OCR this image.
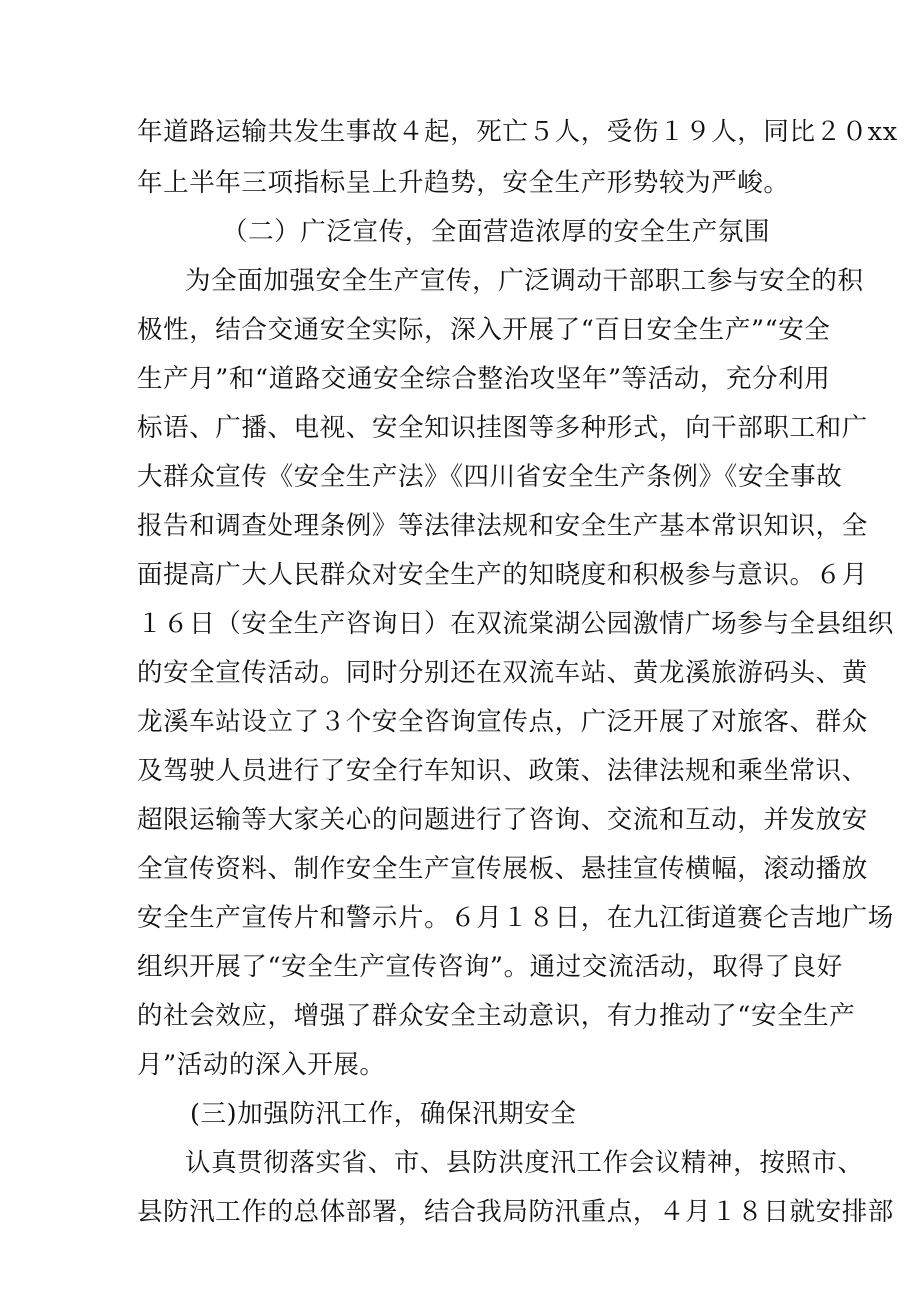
年道路运输共发生事故４起，死亡５人，受伤１９人，同比２０xx
年上半年三项指标呈上升趋势，安全生产形势较为严峻。
（二）广泛宣传，全面营造浓厚的安全生产氛围
为全面加强安全生产宣传，广泛调动干部职工参与安全的积
极性，结合交通安全实际，深入开展了“百日安全生产”“安全
生产月”和“道路交通安全综合整治攻坚年”等活动，充分利用
标语、广播、电视、安全知识挂图等多种形式，向干部职工和广
大群众宣传《安全生产法》《四川省安全生产条例》《安全事故
报告和调查处理条例》等法律法规和安全生产基本常识知识，全
面提高广大人民群众对安全生产的知晓度和积极参与意识。６月
１６日（安全生产咨询日）在双流棠湖公园激情广场参与全县组织
的安全宣传活动。同时分别还在双流车站、黄龙溪旅游码头、黄
龙溪车站设立了３个安全咨询宣传点，广泛开展了对旅客、群众
及驾驶人员进行了安全行车知识、政策、法律法规和乘坐常识、
超限运输等大家关心的问题进行了咨询、交流和互动，并发放安
全宣传资料、制作安全生产宣传展板、悬挂宣传横幅，滚动播放
安全生产宣传片和警示片。６月１８日，在九江街道赛仑吉地广场
组织开展了“安全生产宣传咨询”。通过交流活动，取得了良好
的社会效应，增强了群众安全主动意识，有力推动了“安全生产
月”活动的深入开展。
(三)加强防汛工作，确保汛期安全
认真贯彻落实省、市、县防洪度汛工作会议精神，按照市、
县防汛工作的总体部署，结合我局防汛重点，４月１８日就安排部
